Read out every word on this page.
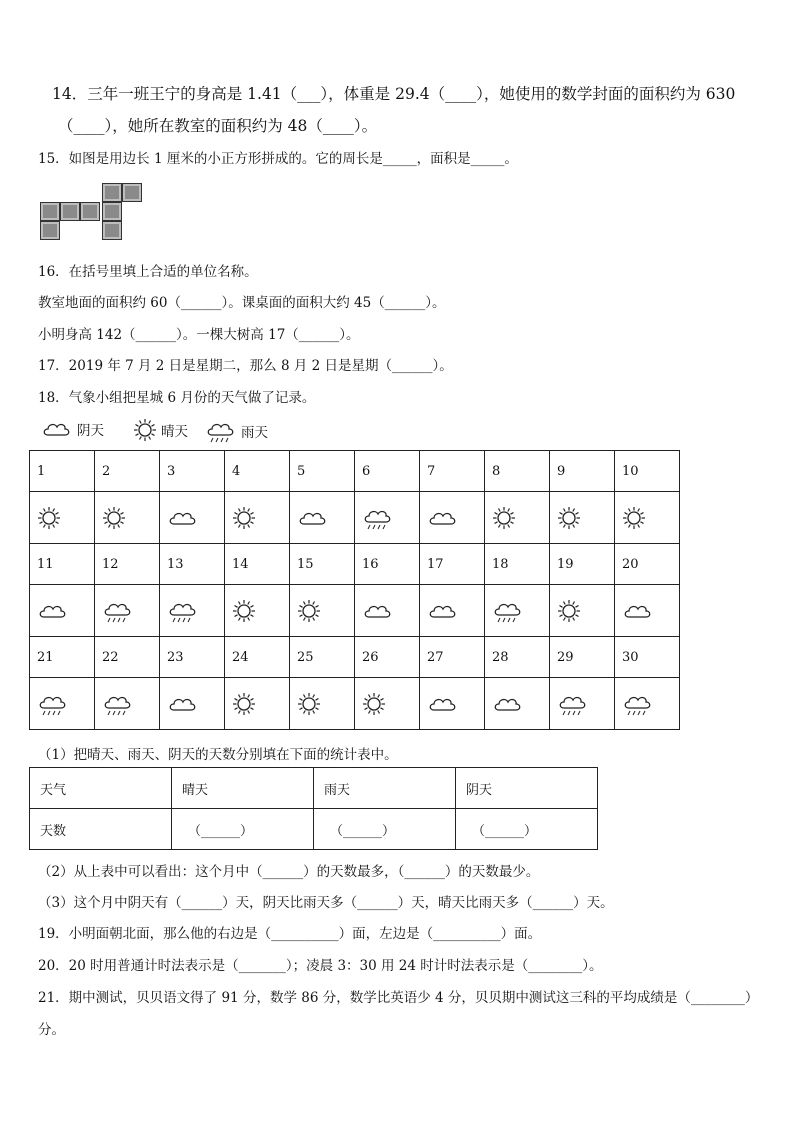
14．三年一班王宁的身高是 1.41（___），体重是 29.4（____），她使用的数学封面的面积约为 630
（____），她所在教室的面积约为 48（____）。
15．如图是用边长 1 厘米的小正方形拼成的。它的周长是_____，面积是_____。
16．在括号里填上合适的单位名称。
教室地面的面积约 60（______）。课桌面的面积大约 45（______）。
小明身高 142（______）。一棵大树高 17（______）。
17．2019 年 7 月 2 日是星期二，那么 8 月 2 日是星期（______）。
18．气象小组把星城 6 月份的天气做了记录。
阴天	晴天	雨天
1	2	3	4	5	6	7	8	9	10

11	12	13	14	15	16	17	18	19	20

21	22	23	24	25	26	27	28	29	30

（1）把晴天、雨天、阴天的天数分别填在下面的统计表中。
天气	晴天	雨天	阴天
天数	（______）	（______）	（______）
（2）从上表中可以看出：这个月中（______）的天数最多，（______）的天数最少。
（3）这个月中阴天有（______）天，阴天比雨天多（______）天，晴天比雨天多（______）天。
19．小明面朝北面，那么他的右边是（__________）面，左边是（__________）面。
20．20 时用普通计时法表示是（_______）；凌晨 3：30 用 24 时计时法表示是（________）。
21．期中测试，贝贝语文得了 91 分，数学 86 分，数学比英语少 4 分，贝贝期中测试这三科的平均成绩是（________）
分。
